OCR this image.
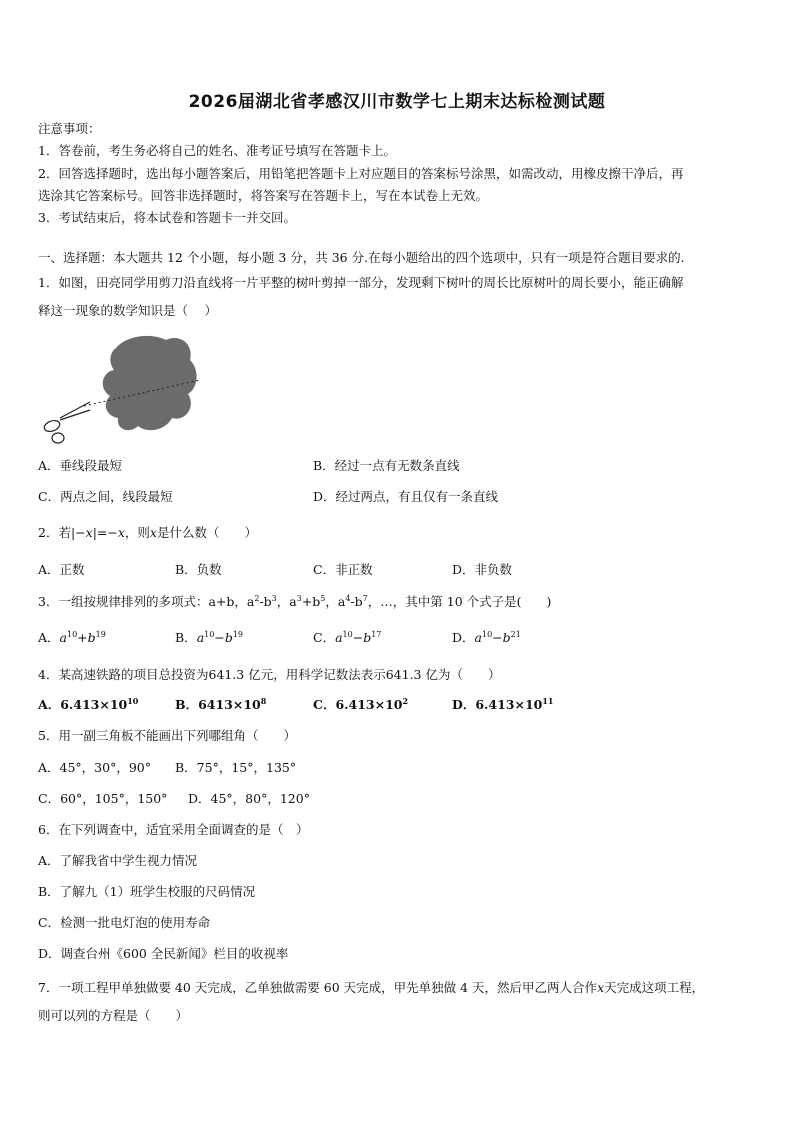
2026届湖北省孝感汉川市数学七上期末达标检测试题
注意事项：
1．答卷前，考生务必将自己的姓名、准考证号填写在答题卡上。
2．回答选择题时，选出每小题答案后，用铅笔把答题卡上对应题目的答案标号涂黑，如需改动，用橡皮擦干净后，再
选涂其它答案标号。回答非选择题时，将答案写在答题卡上，写在本试卷上无效。
3．考试结束后，将本试卷和答题卡一并交回。
一、选择题：本大题共 12 个小题，每小题 3 分，共 36 分.在每小题给出的四个选项中，只有一项是符合题目要求的.
1．如图，田亮同学用剪刀沿直线将一片平整的树叶剪掉一部分，发现剩下树叶的周长比原树叶的周长要小，能正确解
释这一现象的数学知识是（　 ）
A．垂线段最短	B．经过一点有无数条直线
C．两点之间，线段最短	D．经过两点，有且仅有一条直线
2．若|−x|=−x，则x是什么数（　　）
A．正数	B．负数	C．非正数	D．非负数
3．一组按规律排列的多项式：a+b，$a^2-b^3$，$a^3+b^5$，$a^4-b^7$，…，其中第 10 个式子是(　　)
A．$a^{10}+b^{19}$	B．$a^{10}-b^{19}$	C．$a^{10}-b^{17}$	D．$a^{10}-b^{21}$
4．某高速铁路的项目总投资为641.3 亿元，用科学记数法表示641.3 亿为（　　）
A．$6.413\times 10^{10}$	B．$6413\times 10^8$	C．$6.413\times 10^2$	D．$6.413\times 10^{11}$
5．用一副三角板不能画出下列哪组角（　　）
A．45°，30°，90° B．75°，15°，135°
C．60°，105°，150° D．45°，80°，120°
6．在下列调查中，适宜采用全面调查的是（　）
A．了解我省中学生视力情况
B．了解九（1）班学生校服的尺码情况
C．检测一批电灯泡的使用寿命
D．调查台州《600 全民新闻》栏目的收视率
7．一项工程甲单独做要 40 天完成，乙单独做需要 60 天完成，甲先单独做 4 天，然后甲乙两人合作x天完成这项工程，
则可以列的方程是（　　）
